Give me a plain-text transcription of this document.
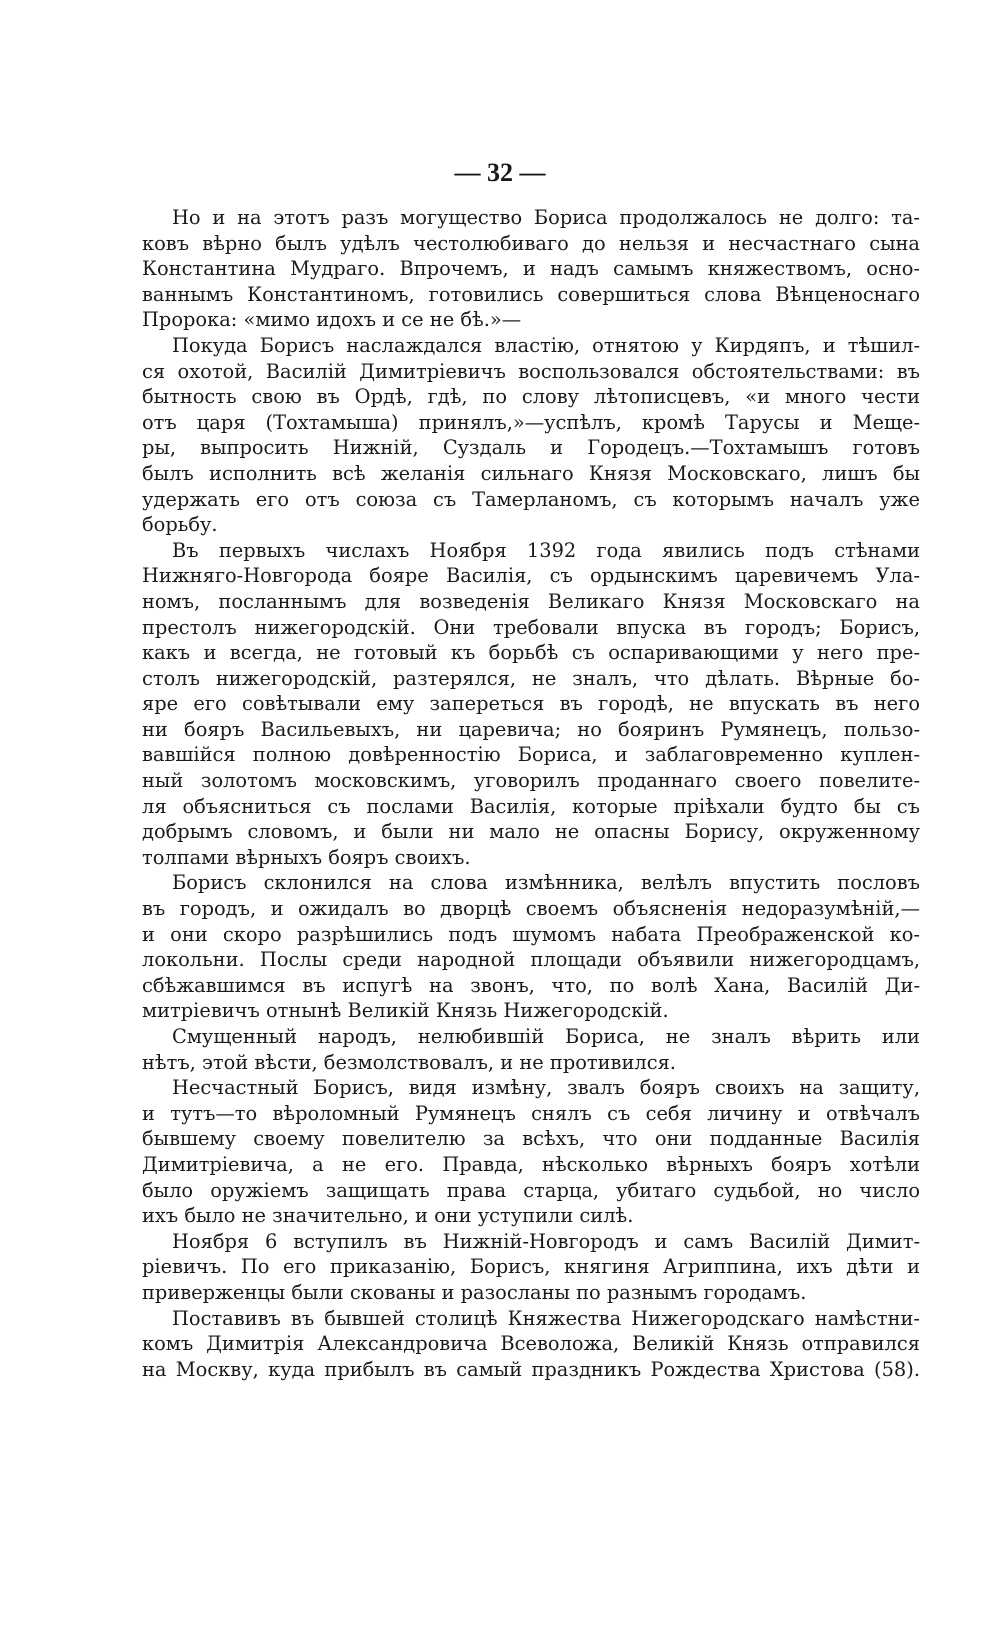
— 32 —
Но и на этотъ разъ могущество Бориса продолжалось не долго: та-
ковъ вѣрно былъ удѣлъ честолюбиваго до нельзя и несчастнаго сына
Константина Мудраго. Впрочемъ, и надъ самымъ княжествомъ, осно-
ваннымъ Константиномъ, готовились совершиться слова Вѣнценоснаго
Пророка: «мимо идохъ и се не бѣ.»—
Покуда Борисъ наслаждался властію, отнятою у Кирдяпъ, и тѣшил-
ся охотой, Василій Димитріевичъ воспользовался обстоятельствами: въ
бытность свою въ Ордѣ, гдѣ, по слову лѣтописцевъ, «и много чести
отъ царя (Тохтамыша) принялъ,»—успѣлъ, кромѣ Тарусы и Меще-
ры, выпросить Нижній, Суздаль и Городецъ.—Тохтамышъ готовъ
былъ исполнить всѣ желанія сильнаго Князя Московскаго, лишъ бы
удержать его отъ союза съ Тамерланомъ, съ которымъ началъ уже
борьбу.
Въ первыхъ числахъ Ноября 1392 года явились подъ стѣнами
Нижняго-Новгорода бояре Василія, съ ордынскимъ царевичемъ Ула-
номъ, посланнымъ для возведенія Великаго Князя Московскаго на
престолъ нижегородскій. Они требовали впуска въ городъ; Борисъ,
какъ и всегда, не готовый къ борьбѣ съ оспаривающими у него пре-
столъ нижегородскій, разтерялся, не зналъ, что дѣлать. Вѣрные бо-
яре его совѣтывали ему запереться въ городѣ, не впускать въ него
ни бояръ Васильевыхъ, ни царевича; но бояринъ Румянецъ, пользо-
вавшійся полною довѣренностію Бориса, и заблаговременно куплен-
ный золотомъ московскимъ, уговорилъ проданнаго своего повелите-
ля объясниться съ послами Василія, которые пріѣхали будто бы съ
добрымъ словомъ, и были ни мало не опасны Борису, окруженному
толпами вѣрныхъ бояръ своихъ.
Борисъ склонился на слова измѣнника, велѣлъ впустить пословъ
въ городъ, и ожидалъ во дворцѣ своемъ объясненія недоразумѣній,—
и они скоро разрѣшились подъ шумомъ набата Преображенской ко-
локольни. Послы среди народной площади объявили нижегородцамъ,
сбѣжавшимся въ испугѣ на звонъ, что, по волѣ Хана, Василій Ди-
митріевичъ отнынѣ Великій Князь Нижегородскій.
Смущенный народъ, нелюбившій Бориса, не зналъ вѣрить или
нѣтъ, этой вѣсти, безмолствовалъ, и не противился.
Несчастный Борисъ, видя измѣну, звалъ бояръ своихъ на защиту,
и тутъ—то вѣроломный Румянецъ снялъ съ себя личину и отвѣчалъ
бывшему своему повелителю за всѣхъ, что они подданные Василія
Димитріевича, а не его. Правда, нѣсколько вѣрныхъ бояръ хотѣли
было оружіемъ защищать права старца, убитаго судьбой, но число
ихъ было не значительно, и они уступили силѣ.
Ноября 6 вступилъ въ Нижній-Новгородъ и самъ Василій Димит-
ріевичъ. По его приказанію, Борисъ, княгиня Агриппина, ихъ дѣти и
приверженцы были скованы и разосланы по разнымъ городамъ.
Поставивъ въ бывшей столицѣ Княжества Нижегородскаго намѣстни-
комъ Димитрія Александровича Всеволожа, Великій Князь отправился
на Москву, куда прибылъ въ самый праздникъ Рождества Христова (58).
